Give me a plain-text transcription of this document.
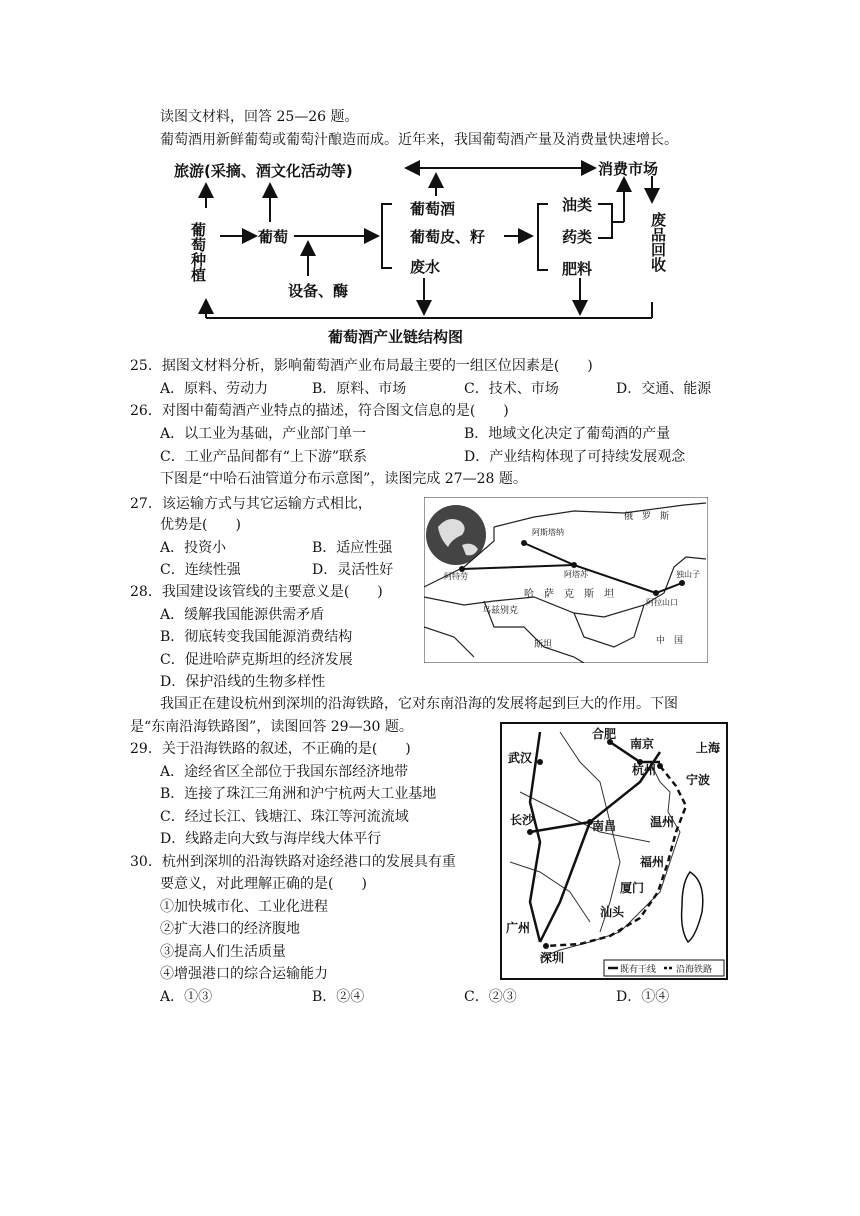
读图文材料，回答 25—26 题。
葡萄酒用新鲜葡萄或葡萄汁酿造而成。近年来，我国葡萄酒产量及消费量快速增长。
旅游(采摘、酒文化活动等)	消费市场
葡萄酒
葡萄皮、籽
废水
油类
药类
肥料
葡萄
设备、酶
葡萄酒产业链结构图
葡萄种植	废品回收
25．据图文材料分析，影响葡萄酒产业布局最主要的一组区位因素是(　　)
A．原料、劳动力	B．原料、市场	C．技术、市场	D．交通、能源
26．对图中葡萄酒产业特点的描述，符合图文信息的是(　　)
A．以工业为基础，产业部门单一	B．地域文化决定了葡萄酒的产量
C．工业产品间都有“上下游”联系	D．产业结构体现了可持续发展观念
下图是“中哈石油管道分布示意图”，读图完成 27—28 题。
27．该运输方式与其它运输方式相比，
优势是(　　)
A．投资小	B．适应性强
C．连续性强	D．灵活性好
28．我国建设该管线的主要意义是(　　)
A．缓解我国能源供需矛盾
B．彻底转变我国能源消费结构
C．促进哈萨克斯坦的经济发展
D．保护沿线的生物多样性
俄　罗　斯
哈　萨　克　斯　坦
乌兹别克
斯坦	中　国
阿特劳	阿塔苏
阿拉山口
独山子
阿斯塔纳
我国正在建设杭州到深圳的沿海铁路，它对东南沿海的发展将起到巨大的作用。下图
是“东南沿海铁路图”，读图回答 29—30 题。
29．关于沿海铁路的叙述，不正确的是(　　)
A．途经省区全部位于我国东部经济地带
B．连接了珠江三角洲和沪宁杭两大工业基地
C．经过长江、钱塘江、珠江等河流流域
D．线路走向大致与海岸线大体平行
30．杭州到深圳的沿海铁路对途经港口的发展具有重
要意义，对此理解正确的是(　　)
①加快城市化、工业化进程
②扩大港口的经济腹地
③提高人们生活质量
④增强港口的综合运输能力
A．①③	B．②④	C．②③	D．①④
武汉
合肥
南京	上海
杭州
宁波
长沙	南昌	温州
福州
厦门
汕头
广州
深圳
既有干线 沿海铁路
